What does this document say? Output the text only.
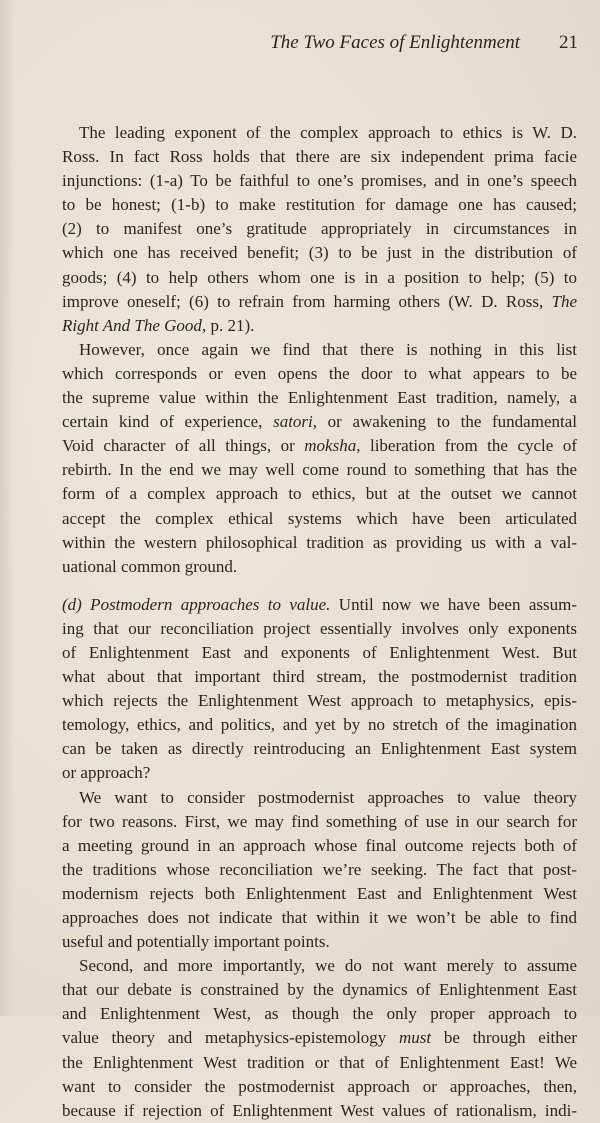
The Two Faces of Enlightenment 21
The leading exponent of the complex approach to ethics is W. D.
Ross. In fact Ross holds that there are six independent prima facie
injunctions: (1-a) To be faithful to one’s promises, and in one’s speech
to be honest; (1-b) to make restitution for damage one has caused;
(2) to manifest one’s gratitude appropriately in circumstances in
which one has received benefit; (3) to be just in the distribution of
goods; (4) to help others whom one is in a position to help; (5) to
improve oneself; (6) to refrain from harming others (W. D. Ross, The
Right And The Good, p. 21).
However, once again we find that there is nothing in this list
which corresponds or even opens the door to what appears to be
the supreme value within the Enlightenment East tradition, namely, a
certain kind of experience, satori, or awakening to the fundamental
Void character of all things, or moksha, liberation from the cycle of
rebirth. In the end we may well come round to something that has the
form of a complex approach to ethics, but at the outset we cannot
accept the complex ethical systems which have been articulated
within the western philosophical tradition as providing us with a val-
uational common ground.
(d) Postmodern approaches to value. Until now we have been assum-
ing that our reconciliation project essentially involves only exponents
of Enlightenment East and exponents of Enlightenment West. But
what about that important third stream, the postmodernist tradition
which rejects the Enlightenment West approach to metaphysics, epis-
temology, ethics, and politics, and yet by no stretch of the imagination
can be taken as directly reintroducing an Enlightenment East system
or approach?
We want to consider postmodernist approaches to value theory
for two reasons. First, we may find something of use in our search for
a meeting ground in an approach whose final outcome rejects both of
the traditions whose reconciliation we’re seeking. The fact that post-
modernism rejects both Enlightenment East and Enlightenment West
approaches does not indicate that within it we won’t be able to find
useful and potentially important points.
Second, and more importantly, we do not want merely to assume
that our debate is constrained by the dynamics of Enlightenment East
and Enlightenment West, as though the only proper approach to
value theory and metaphysics-epistemology must be through either
the Enlightenment West tradition or that of Enlightenment East! We
want to consider the postmodernist approach or approaches, then,
because if rejection of Enlightenment West values of rationalism, indi-
